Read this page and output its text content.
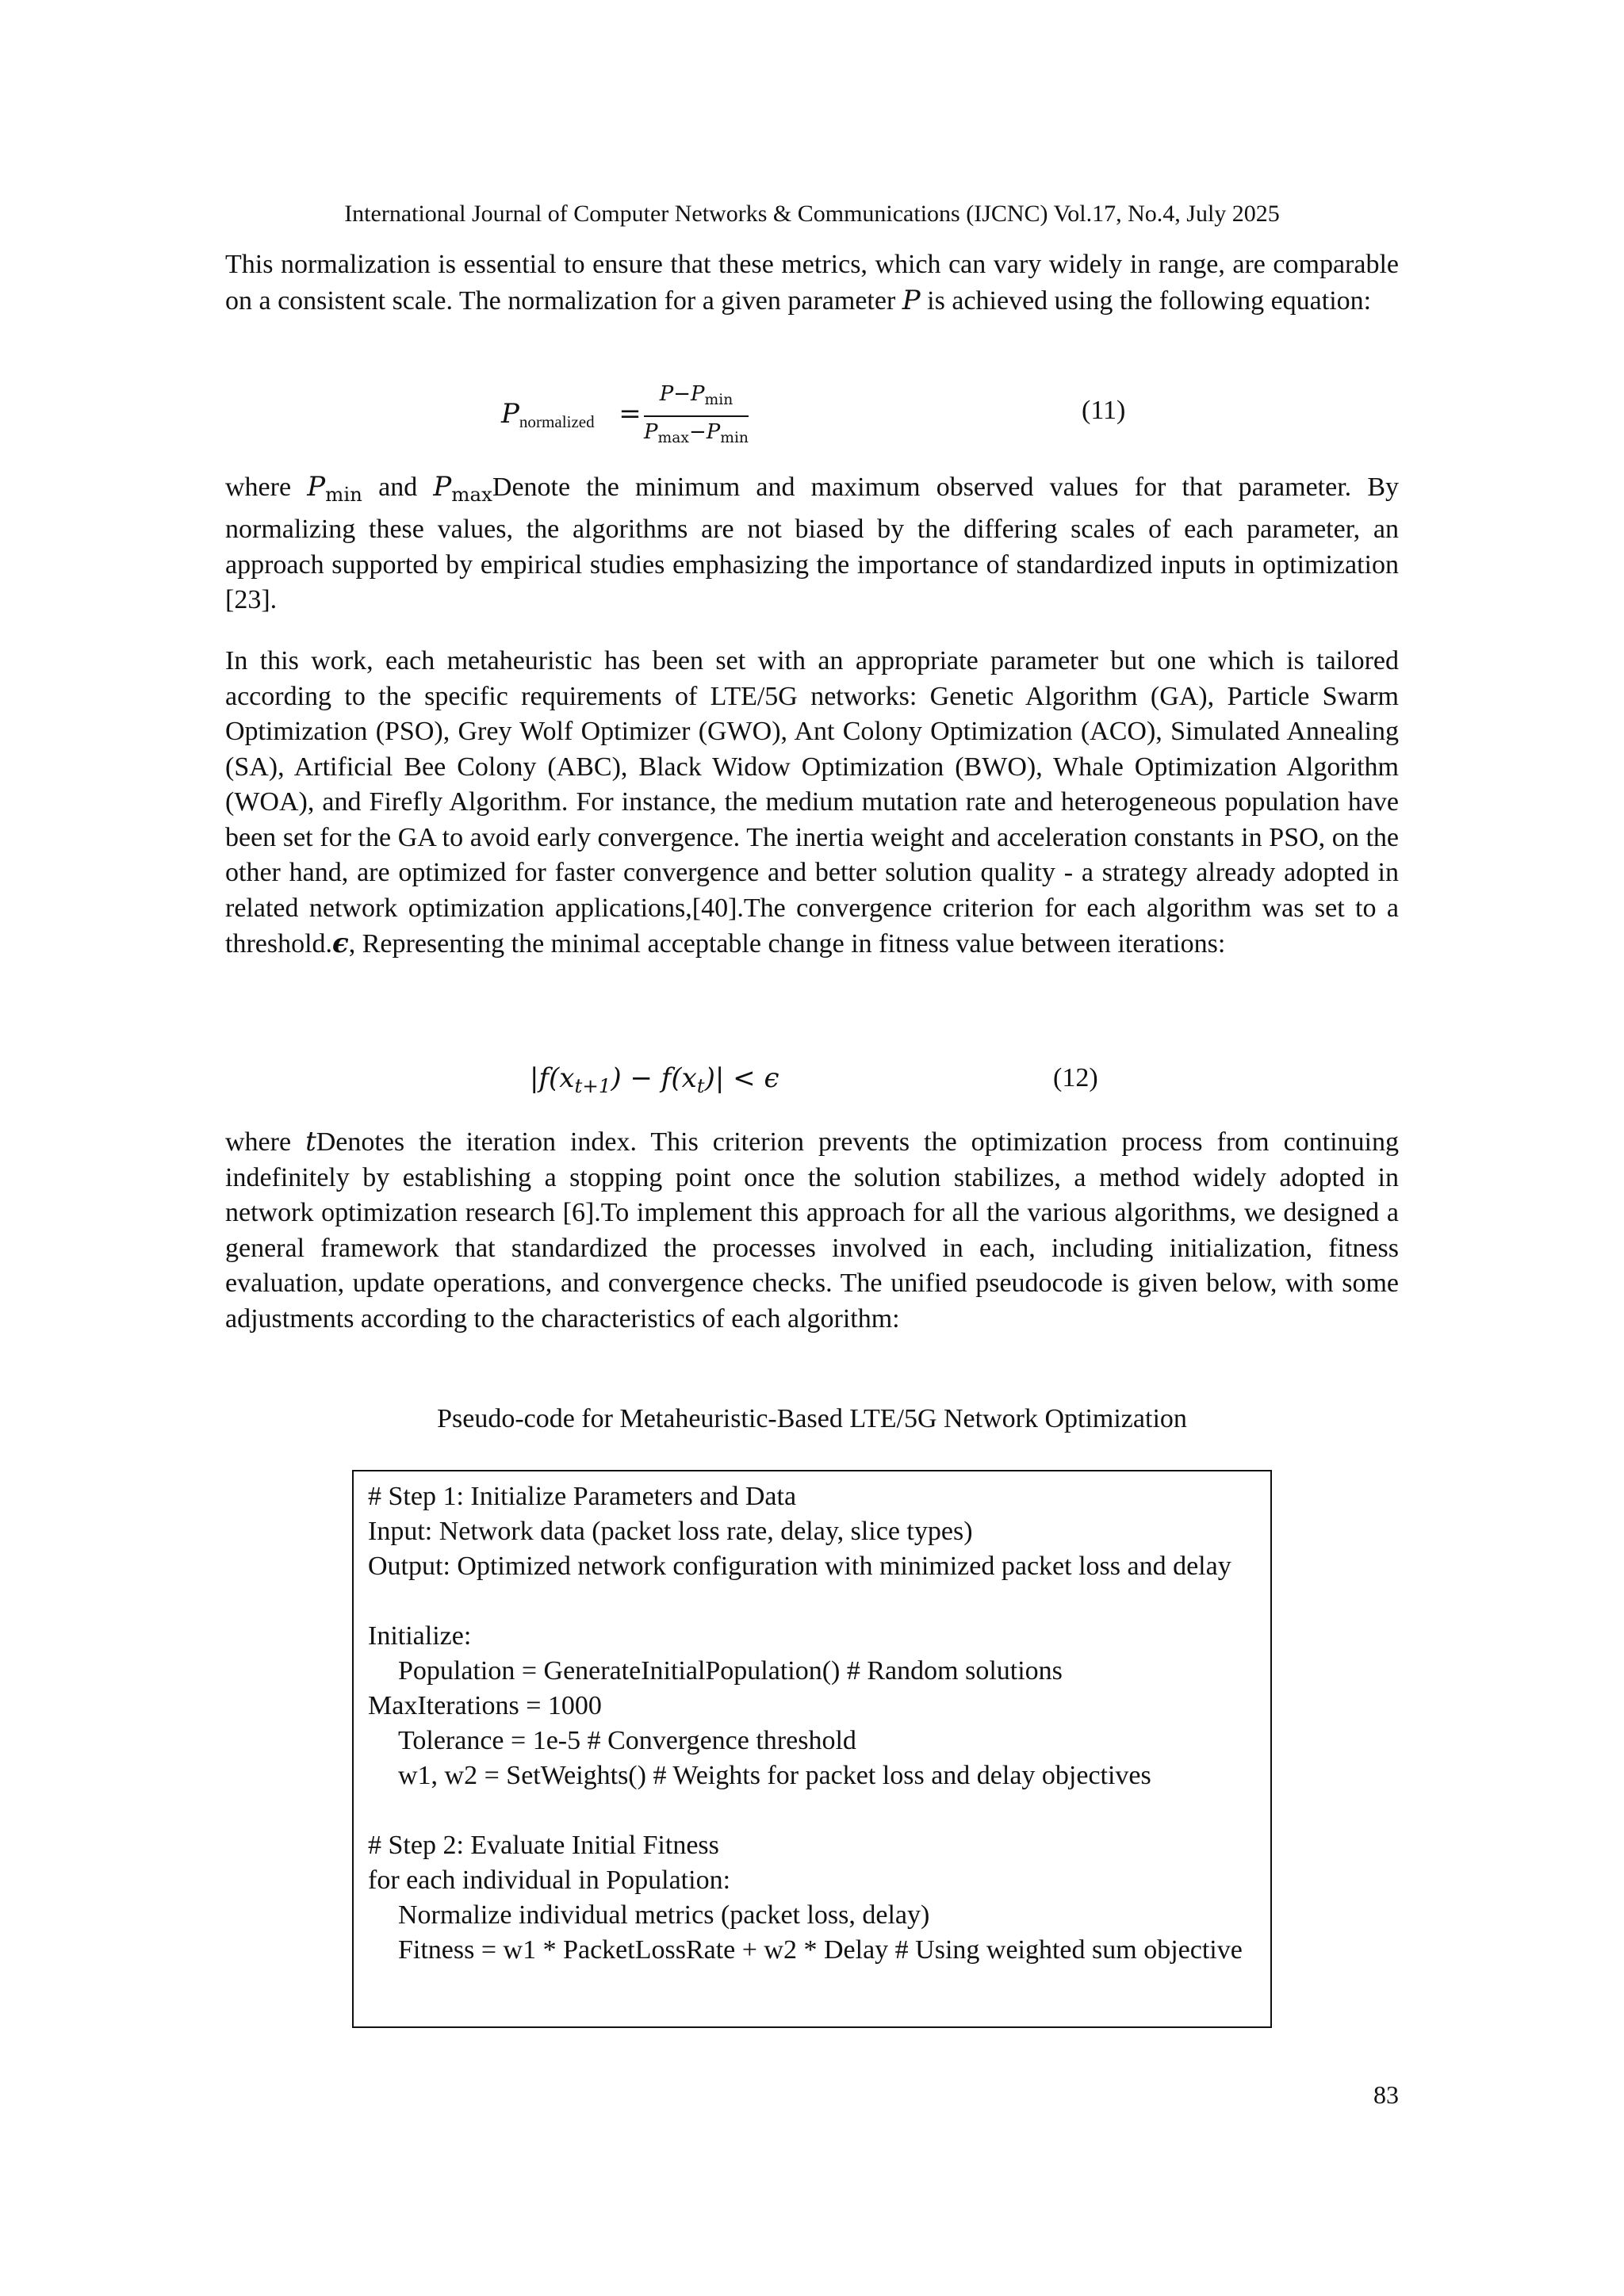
International Journal of Computer Networks & Communications (IJCNC) Vol.17, No.4, July 2025
This normalization is essential to ensure that these metrics, which can vary widely in range, are comparable on a consistent scale. The normalization for a given parameter P is achieved using the following equation:
Pnormalized =
$P-P_{min}$
$P_{max}-P_{min}$
(11)
where $P_{min}$ and $P_{max}Denote$ the minimum and maximum observed values for that parameter. By normalizing these values, the algorithms are not biased by the differing scales of each parameter, an approach supported by empirical studies emphasizing the importance of standardized inputs in optimization [23].
In this work, each metaheuristic has been set with an appropriate parameter but one which is tailored according to the specific requirements of LTE/5G networks: Genetic Algorithm (GA), Particle Swarm Optimization (PSO), Grey Wolf Optimizer (GWO), Ant Colony Optimization (ACO), Simulated Annealing (SA), Artificial Bee Colony (ABC), Black Widow Optimization (BWO), Whale Optimization Algorithm (WOA), and Firefly Algorithm. For instance, the medium mutation rate and heterogeneous population have been set for the GA to avoid early convergence. The inertia weight and acceleration constants in PSO, on the other hand, are optimized for faster convergence and better solution quality - a strategy already adopted in related network optimization applications,[40].The convergence criterion for each algorithm was set to a threshold.ϵ, Representing the minimal acceptable change in fitness value between iterations:
$|f(x_{t+1}) - f(x_t)| < \epsilon$	(12)
where tDenotes the iteration index. This criterion prevents the optimization process from continuing indefinitely by establishing a stopping point once the solution stabilizes, a method widely adopted in network optimization research [6].To implement this approach for all the various algorithms, we designed a general framework that standardized the processes involved in each, including initialization, fitness evaluation, update operations, and convergence checks. The unified pseudocode is given below, with some adjustments according to the characteristics of each algorithm:
Pseudo-code for Metaheuristic-Based LTE/5G Network Optimization
# Step 1: Initialize Parameters and Data
Input: Network data (packet loss rate, delay, slice types)
Output: Optimized network configuration with minimized packet loss and delay
Initialize:
Population = GenerateInitialPopulation() # Random solutions
MaxIterations = 1000
Tolerance = 1e-5 # Convergence threshold
w1, w2 = SetWeights() # Weights for packet loss and delay objectives
# Step 2: Evaluate Initial Fitness
for each individual in Population:
Normalize individual metrics (packet loss, delay)
Fitness = w1 * PacketLossRate + w2 * Delay # Using weighted sum objective
83
